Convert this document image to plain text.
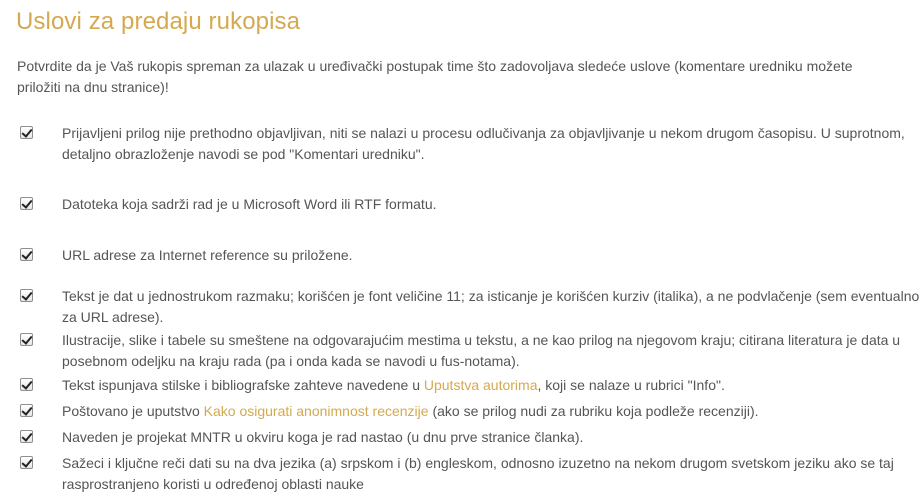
Uslovi za predaju rukopisa
Potvrdite da je Vaš rukopis spreman za ulazak u uređivački postupak time što zadovoljava sledeće uslove (komentare uredniku možete priložiti na dnu stranice)!
Prijavljeni prilog nije prethodno objavljivan, niti se nalazi u procesu odlučivanja za objavljivanje u nekom drugom časopisu. U suprotnom, detaljno obrazloženje navodi se pod "Komentari uredniku".
Datoteka koja sadrži rad je u Microsoft Word ili RTF formatu.
URL adrese za Internet reference su priložene.
Tekst je dat u jednostrukom razmaku; korišćen je font veličine 11; za isticanje je korišćen kurziv (italika), a ne podvlačenje (sem eventualno za URL adrese).
Ilustracije, slike i tabele su smeštene na odgovarajućim mestima u tekstu, a ne kao prilog na njegovom kraju; citirana literatura je data u posebnom odeljku na kraju rada (pa i onda kada se navodi u fus-notama).
Tekst ispunjava stilske i bibliografske zahteve navedene u Uputstva autorima, koji se nalaze u rubrici "Info".
Poštovano je uputstvo Kako osigurati anonimnost recenzije (ako se prilog nudi za rubriku koja podleže recenziji).
Naveden je projekat MNTR u okviru koga je rad nastao (u dnu prve stranice članka).
Sažeci i ključne reči dati su na dva jezika (a) srpskom i (b) engleskom, odnosno izuzetno na nekom drugom svetskom jeziku ako se taj rasprostranjeno koristi u određenoj oblasti nauke
